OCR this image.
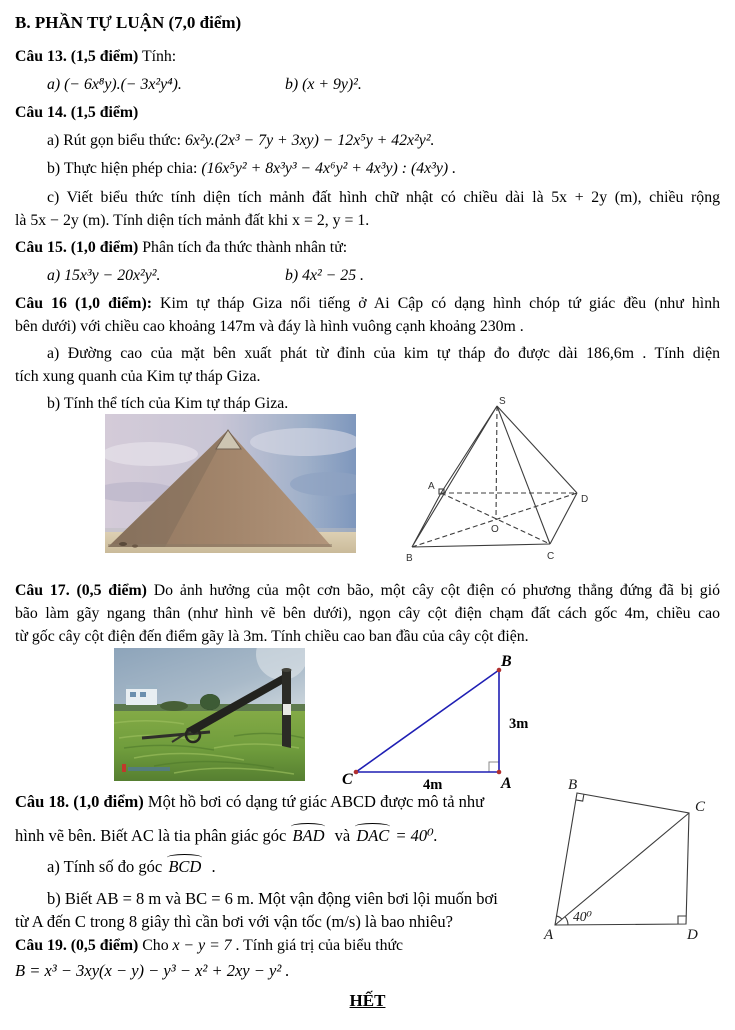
B. PHẦN TỰ LUẬN (7,0 điểm)
Câu 13. (1,5 điểm) Tính:
a) (− 6x⁸y).(− 3x²y⁴).	b) (x + 9y)².
Câu 14. (1,5 điểm)
a) Rút gọn biểu thức: 6x²y.(2x³ − 7y + 3xy) − 12x⁵y + 42x²y².
b) Thực hiện phép chia: (16x⁵y² + 8x³y³ − 4x⁶y² + 4x³y) : (4x³y) .
c) Viết biểu thức tính diện tích mảnh đất hình chữ nhật có chiều dài là 5x + 2y (m), chiều rộng
là 5x − 2y (m). Tính diện tích mảnh đất khi x = 2, y = 1.
Câu 15. (1,0 điểm) Phân tích đa thức thành nhân tử:
a) 15x³y − 20x²y².	b) 4x² − 25 .
Câu 16 (1,0 điểm): Kim tự tháp Giza nổi tiếng ở Ai Cập có dạng hình chóp tứ giác đều (như hình
bên dưới) với chiều cao khoảng 147m và đáy là hình vuông cạnh khoảng 230m .
a) Đường cao của mặt bên xuất phát từ đỉnh của kim tự tháp đo được dài 186,6m . Tính diện
tích xung quanh của Kim tự tháp Giza.
b) Tính thể tích của Kim tự tháp Giza.	S
A
B	C
D
O
Câu 17. (0,5 điểm) Do ảnh hưởng của một cơn bão, một cây cột điện có phương thẳng đứng đã bị gió
bão làm gãy ngang thân (như hình vẽ bên dưới), ngọn cây cột điện chạm đất cách gốc 4m, chiều cao
từ gốc cây cột điện đến điểm gãy là 3m. Tính chiều cao ban đầu của cây cột điện.
B
A
C
3m
4m
Câu 18. (1,0 điểm) Một hồ bơi có dạng tứ giác ABCD được mô tả như
hình vẽ bên. Biết AC là tia phân giác góc BAD và DAC = 40⁰.
a) Tính số đo góc BCD .
b) Biết AB = 8 m và BC = 6 m. Một vận động viên bơi lội muốn bơi
từ A đến C trong 8 giây thì cần bơi với vận tốc (m/s) là bao nhiêu?
B
C
A	D
40⁰
Câu 19. (0,5 điểm) Cho x − y = 7 . Tính giá trị của biểu thức
B = x³ − 3xy(x − y) − y³ − x² + 2xy − y² .
HẾT
